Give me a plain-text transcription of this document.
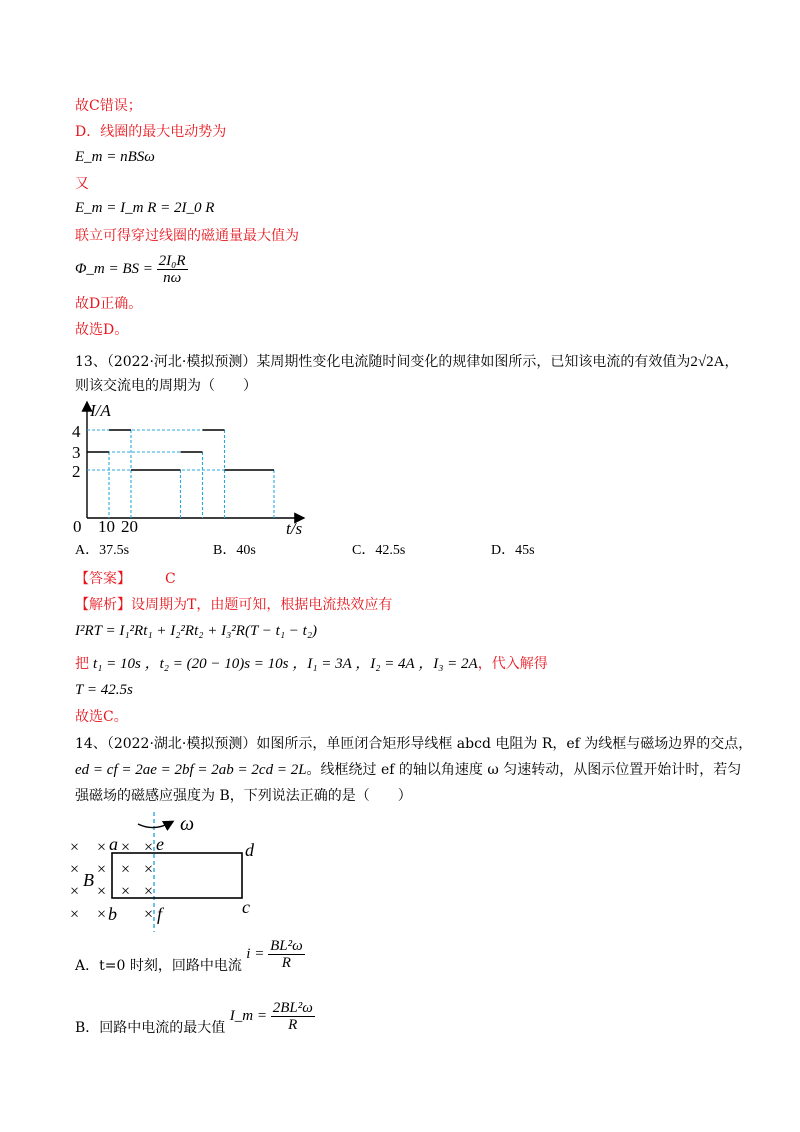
故C错误；
D．线圈的最大电动势为
E_m = nBSω
又
E_m = I_m R = 2I_0 R
联立可得穿过线圈的磁通量最大值为
Φ_m = BS = $\frac{\text{2I₀R}}{n\omega}$
故D正确。
故选D。
13、（2022·河北·模拟预测）某周期性变化电流随时间变化的规律如图所示，已知该电流的有效值为2√2A，
则该交流电的周期为（　　）
I/A
4
3
2
0 10 20	t/s
A．37.5s	B．40s	C．42.5s	D．45s
【答案】 C
【解析】设周期为T，由题可知，根据电流热效应有
I²RT = I₁²Rt₁ + I₂²Rt₂ + I₃²R(T − t₁ − t₂)
把 t₁ = 10s ，t₂ = (20 − 10)s = 10s ，I₁ = 3A ，I₂ = 4A ，I₃ = 2A，代入解得
T = 42.5s
故选C。
14、（2022·湖北·模拟预测）如图所示，单匝闭合矩形导线框 abcd 电阻为 R，ef 为线框与磁场边界的交点，
ed = cf = 2ae = 2bf = 2ab = 2cd = 2L。线框绕过 ef 的轴以角速度 ω 匀速转动，从图示位置开始计时，若匀
强磁场的磁感应强度为 B，下列说法正确的是（　　）
ω
× × × ×
× × × ×
× × × ×
× × ×
a e	d
B
b f	c
A．t=0 时刻，回路中电流 $i = \frac{\text{BL²ω}}{R}$
B．回路中电流的最大值 I_m = $\frac{\text{2BL²ω}}{R}$
